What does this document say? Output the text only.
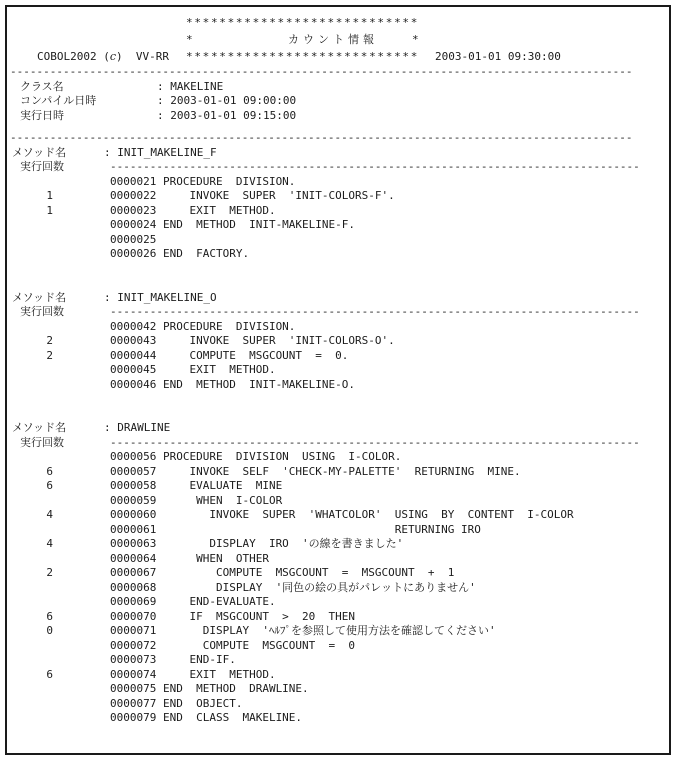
****************************

*

	カウント情報

	*

COBOL2002 (c)  VV-RR

****************************

2003-01-01 09:30:00

----------------------------------------------------------------------------------------------

クラス名	: MAKELINE
コンパイル日時	: 2003-01-01 09:00:00
実行日時	: 2003-01-01 09:15:00

----------------------------------------------------------------------------------------------

メソッド名	: INIT_MAKELINE_F
実行回数	--------------------------------------------------------------------------------
0000021 PROCEDURE  DIVISION.
1	0000022     INVOKE  SUPER  'INIT-COLORS-F'.
1	0000023     EXIT  METHOD.
0000024 END  METHOD  INIT-MAKELINE-F.
0000025
0000026 END  FACTORY.
メソッド名	: INIT_MAKELINE_O
実行回数	--------------------------------------------------------------------------------
0000042 PROCEDURE  DIVISION.
2	0000043     INVOKE  SUPER  'INIT-COLORS-O'.
2	0000044     COMPUTE  MSGCOUNT  =  0.
0000045     EXIT  METHOD.
0000046 END  METHOD  INIT-MAKELINE-O.
メソッド名	: DRAWLINE
実行回数	--------------------------------------------------------------------------------
0000056 PROCEDURE  DIVISION  USING  I-COLOR.
6	0000057     INVOKE  SELF  'CHECK-MY-PALETTE'  RETURNING  MINE.
6	0000058     EVALUATE  MINE
0000059      WHEN  I-COLOR
4	0000060        INVOKE  SUPER  'WHATCOLOR'  USING  BY  CONTENT  I-COLOR
0000061                                    RETURNING IRO
4	0000063        DISPLAY  IRO  'の線を書きました'
0000064      WHEN  OTHER
2	0000067         COMPUTE  MSGCOUNT  =  MSGCOUNT  +  1
0000068         DISPLAY  '同色の絵の具がパレットにありません'
0000069     END-EVALUATE.
6	0000070     IF  MSGCOUNT  >  20  THEN
0	0000071       DISPLAY  'ﾍﾙﾌﾟを参照して使用方法を確認してください'
0000072       COMPUTE  MSGCOUNT  =  0
0000073     END-IF.
6	0000074     EXIT  METHOD.
0000075 END  METHOD  DRAWLINE.
0000077 END  OBJECT.
0000079 END  CLASS  MAKELINE.
